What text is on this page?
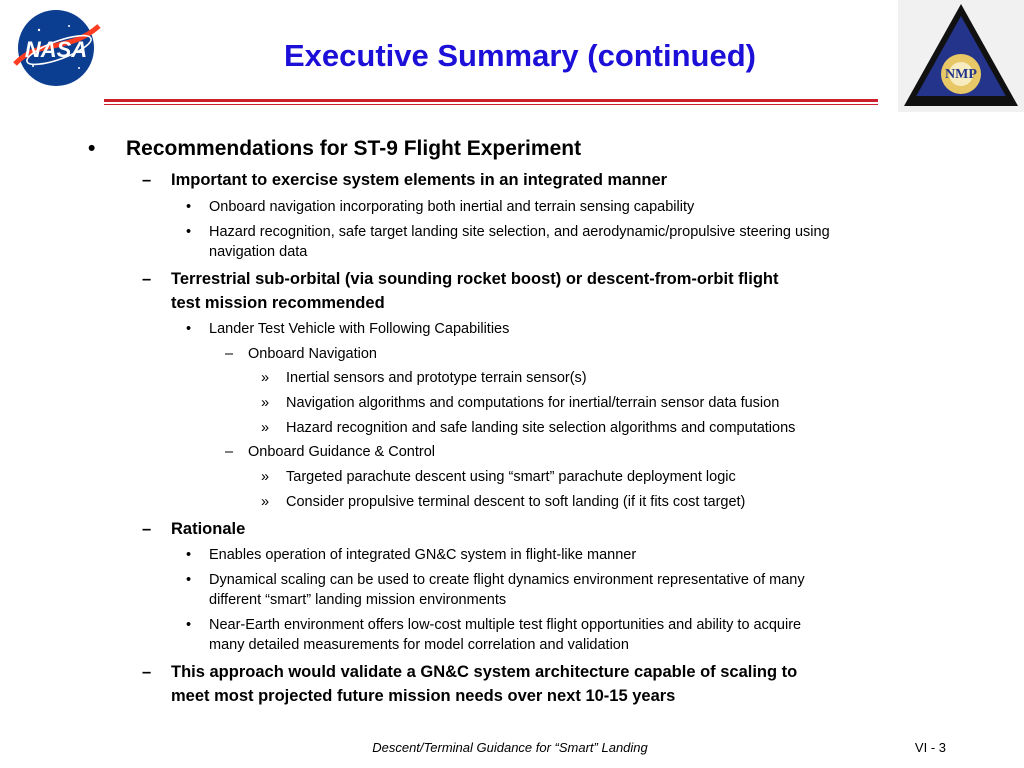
NASA
NMP
Executive Summary (continued)
• Recommendations for ST-9 Flight Experiment
– Important to exercise system elements in an integrated manner
• Onboard navigation incorporating both inertial and terrain sensing capability
• Hazard recognition, safe target landing site selection, and aerodynamic/propulsive steering using
navigation data
– Terrestrial sub-orbital (via sounding rocket boost) or descent-from-orbit flight
test mission recommended
• Lander Test Vehicle with Following Capabilities
– Onboard Navigation
» Inertial sensors and prototype terrain sensor(s)
» Navigation algorithms and computations for inertial/terrain sensor data fusion
» Hazard recognition and safe landing site selection algorithms and computations
– Onboard Guidance & Control
» Targeted parachute descent using “smart” parachute deployment logic
» Consider propulsive terminal descent to soft landing (if it fits cost target)
– Rationale
• Enables operation of integrated GN&C system in flight-like manner
• Dynamical scaling can be used to create flight dynamics environment representative of many
different “smart” landing mission environments
• Near-Earth environment offers low-cost multiple test flight opportunities and ability to acquire
many detailed measurements for model correlation and validation
– This approach would validate a GN&C system architecture capable of scaling to
meet most projected future mission needs over next 10-15 years
Descent/Terminal Guidance for “Smart” Landing	VI - 3
